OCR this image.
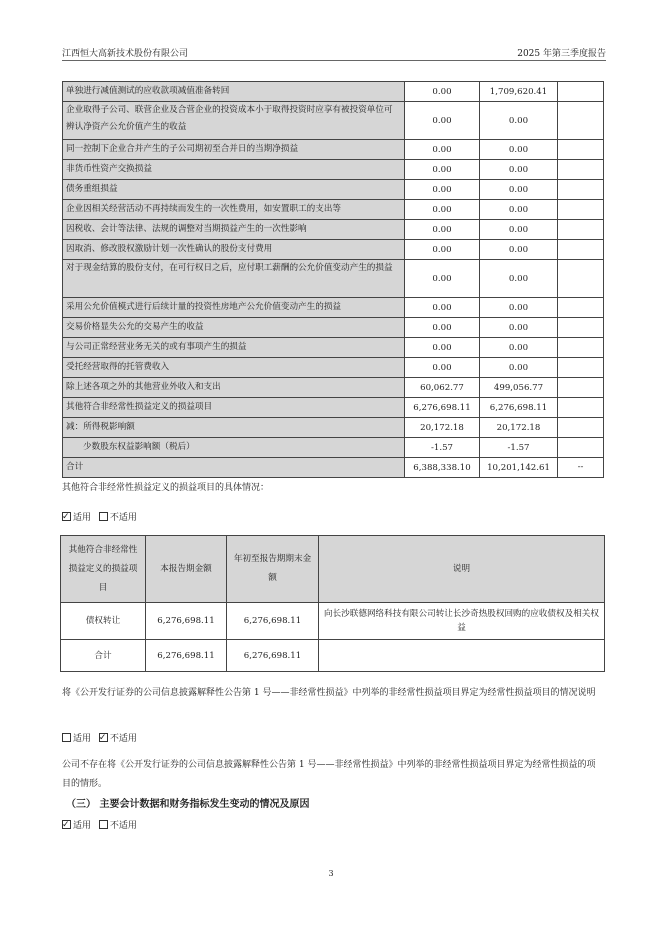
江西恒大高新技术股份有限公司	2025 年第三季度报告
单独进行减值测试的应收款项减值准备转回	0.00	1,709,620.41	
企业取得子公司、联营企业及合营企业的投资成本小于取得投资时应享有被投资单位可辨认净资产公允价值产生的收益	0.00	0.00	
同一控制下企业合并产生的子公司期初至合并日的当期净损益	0.00	0.00	
非货币性资产交换损益	0.00	0.00	
债务重组损益	0.00	0.00	
企业因相关经营活动不再持续而发生的一次性费用，如安置职工的支出等	0.00	0.00	
因税收、会计等法律、法规的调整对当期损益产生的一次性影响	0.00	0.00	
因取消、修改股权激励计划一次性确认的股份支付费用	0.00	0.00	
对于现金结算的股份支付，在可行权日之后，应付职工薪酬的公允价值变动产生的损益	0.00	0.00	
采用公允价值模式进行后续计量的投资性房地产公允价值变动产生的损益	0.00	0.00	
交易价格显失公允的交易产生的收益	0.00	0.00	
与公司正常经营业务无关的或有事项产生的损益	0.00	0.00	
受托经营取得的托管费收入	0.00	0.00	
除上述各项之外的其他营业外收入和支出	60,062.77	499,056.77	
其他符合非经常性损益定义的损益项目	6,276,698.11	6,276,698.11	
减：所得税影响额	20,172.18	20,172.18	
少数股东权益影响额（税后）	-1.57	-1.57	
合计	6,388,338.10	10,201,142.61	--
其他符合非经常性损益定义的损益项目的具体情况：
✓适用 不适用
其他符合非经常性损益定义的损益项目	本报告期金额	年初至报告期期末金额	说明
债权转让	6,276,698.11	6,276,698.11	向长沙联德网络科技有限公司转让长沙奇热股权回购的应收债权及相关权益
合计	6,276,698.11	6,276,698.11	
将《公开发行证券的公司信息披露解释性公告第 1 号——非经常性损益》中列举的非经常性损益项目界定为经常性损益项目的情况说明
适用 ✓ 不适用
公司不存在将《公开发行证券的公司信息披露解释性公告第 1 号——非经常性损益》中列举的非经常性损益项目界定为经常性损益的项目的情形。
（三） 主要会计数据和财务指标发生变动的情况及原因
✓适用 不适用
3
